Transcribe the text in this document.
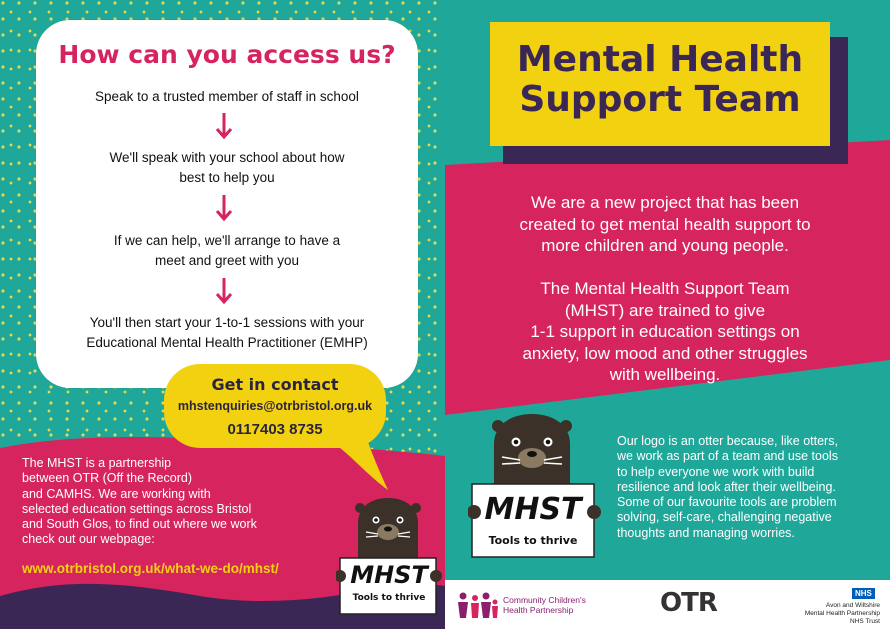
How can you access us?
Speak to a trusted member of staff in school
We'll speak with your school about how
best to help you
If we can help, we'll arrange to have a
meet and greet with you
You'll then start your 1-to-1 sessions with your
Educational Mental Health Practitioner (EMHP)
Get in contact
mhstenquiries@otrbristol.org.uk
0117403 8735
The MHST is a partnership
between OTR (Off the Record)
and CAMHS. We are working with
selected education settings across Bristol
and South Glos, to find out where we work
check out our webpage:
www.otrbristol.org.uk/what-we-do/mhst/	MHST
Tools to thrive
Mental Health
Support Team
We are a new project that has been
created to get mental health support to
more children and young people.

The Mental Health Support Team
(MHST) are trained to give
1-1 support in education settings on
anxiety, low mood and other struggles
with wellbeing.
MHST
Tools to thrive
Our logo is an otter because, like otters,
we work as part of a team and use tools
to help everyone we work with build
resilience and look after their wellbeing.
Some of our favourite tools are problem
solving, self-care, challenging negative
thoughts and managing worries.
Community Children's
Health Partnership	OTR	NHS
Avon and Wiltshire
Mental Health Partnership
NHS Trust
